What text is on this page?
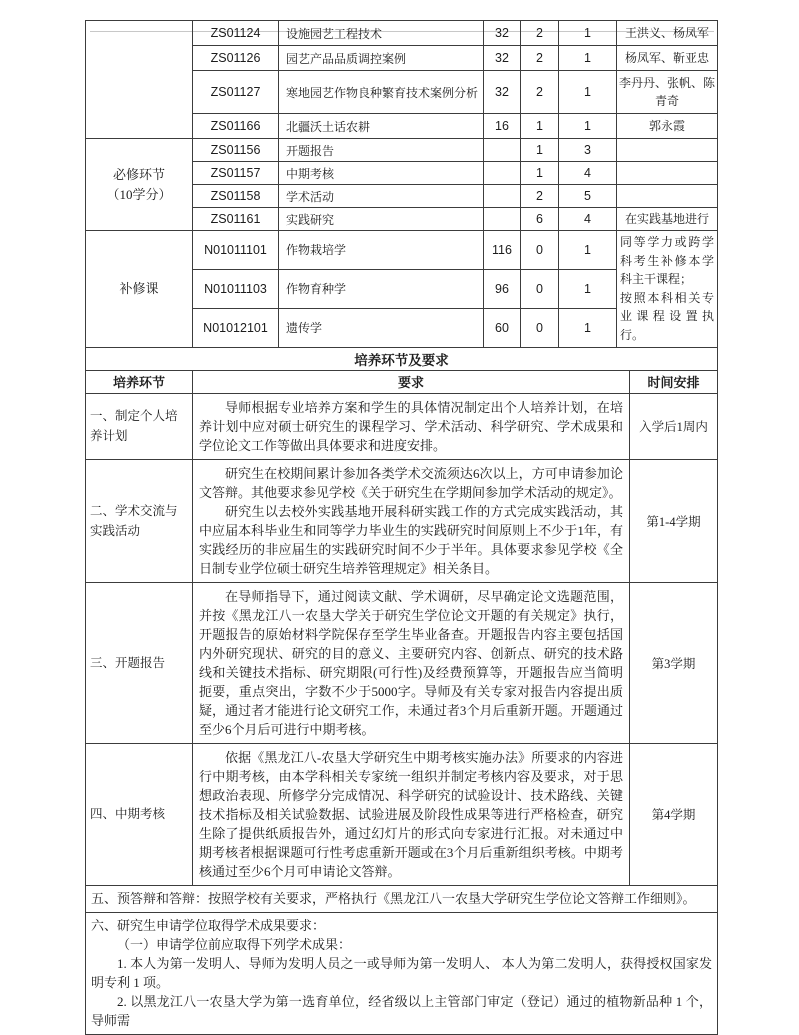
	ZS01124	设施园艺工程技术	32	2	1	王洪义、杨凤军
	ZS01126	园艺产品品质调控案例	32	2	1	杨凤军、靳亚忠
	ZS01127	寒地园艺作物良种繁育技术案例分析	32	2	1	李丹丹、张帆、陈青奇
	ZS01166	北疆沃土话农耕	16	1	1	郭永霞

必修环节
（10学分）	ZS01156	开题报告		1	3	
	ZS01157	中期考核		1	4	
	ZS01158	学术活动		2	5	
	ZS01161	实践研究		6	4	在实践基地进行

补修课	N01011101	作物栽培学	116	0	1	同等学力或跨学科考生补修本学科主干课程；

按照本科相关专业课程设置执行。

	N01011103	作物育种学	96	0	1	
	N01012101	遗传学	60	0	1	
培养环节及要求		
培养环节	要求	时间安排
一、制定个人培养计划	导师根据专业培养方案和学生的具体情况制定出个人培养计划，在培养计划中应对硕士研究生的课程学习、学术活动、科学研究、学术成果和学位论文工作等做出具体要求和进度安排。	入学后1周内
二、学术交流与实践活动	研究生在校期间累计参加各类学术交流须达6次以上，方可申请参加论文答辩。其他要求参见学校《关于研究生在学期间参加学术活动的规定》。

研究生以去校外实践基地开展科研实践工作的方式完成实践活动，其中应届本科毕业生和同等学力毕业生的实践研究时间原则上不少于1年，有实践经历的非应届生的实践研究时间不少于半年。具体要求参见学校《全日制专业学位硕士研究生培养管理规定》相关条目。	第1-4学期
三、开题报告	在导师指导下，通过阅读文献、学术调研，尽早确定论文选题范围，并按《黑龙江八一农垦大学关于研究生学位论文开题的有关规定》执行，开题报告的原始材料学院保存至学生毕业备查。开题报告内容主要包括国内外研究现状、研究的目的意义、主要研究内容、创新点、研究的技术路线和关键技术指标、研究期限(可行性)及经费预算等，开题报告应当简明扼要，重点突出，字数不少于5000字。导师及有关专家对报告内容提出质疑，通过者才能进行论文研究工作，未通过者3个月后重新开题。开题通过至少6个月后可进行中期考核。	第3学期
四、中期考核	依据《黑龙江八-农垦大学研究生中期考核实施办法》所要求的内容进行中期考核，由本学科相关专家统一组织并制定考核内容及要求，对于思想政治表现、所修学分完成情况、科学研究的试验设计、技术路线、关键技术指标及相关试验数据、试验进展及阶段性成果等进行严格检查，研究生除了提供纸质报告外，通过幻灯片的形式向专家进行汇报。对未通过中期考核者根据课题可行性考虑重新开题或在3个月后重新组织考核。中期考核通过至少6个月可申请论文答辩。	第4学期

五、预答辩和答辩：按照学校有关要求，严格执行《黑龙江八一农垦大学研究生学位论文答辩工作细则》。		

六、研究生申请学位取得学术成果要求：

（一）申请学位前应取得下列学术成果：

1. 本人为第一发明人、导师为发明人员之一或导师为第一发明人、 本人为第二发明人，获得授权国家发明专利 1 项。

2. 以黑龙江八一农垦大学为第一选育单位，经省级以上主管部门审定（登记）通过的植物新品种 1 个，导师需		
